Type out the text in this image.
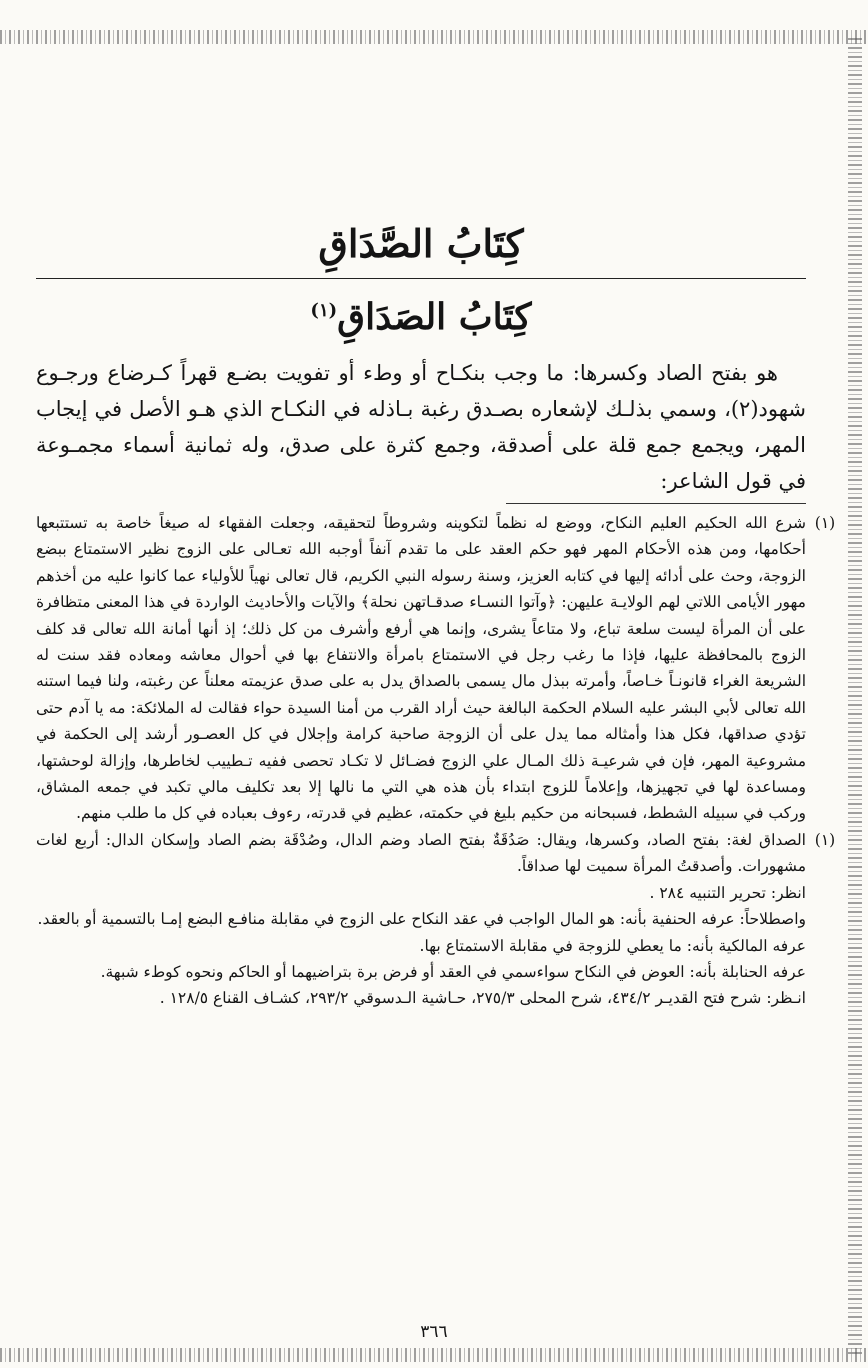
كِتَابُ الصَّدَاقِ
كِتَابُ الصَدَاقِ$^{(١)}$

هو بفتح الصاد وكسرها: ما وجب بنكـاح أو وطء أو تفويت بضـع قهراً كـرضاع ورجـوع شهود(٢)، وسمي بذلـك لإشعاره بصـدق رغبة بـاذله في النكـاح الذي هـو الأصل في إيجاب المهر، ويجمع جمع قلة على أصدقة، وجمع كثرة على صدق، وله ثمانية أسماء مجمـوعة في قول الشاعر:

(١)

شرع الله الحكيم العليم النكاح، ووضع له نظماً لتكوينه وشروطاً لتحقيقه، وجعلت الفقهاء له صيغاً خاصة به تستتبعها أحكامها، ومن هذه الأحكام المهر فهو حكم العقد على ما تقدم آنفاً أوجبه الله تعـالى على الزوج نظير الاستمتاع ببضع الزوجة، وحث على أدائه إليها في كتابه العزيز، وسنة رسوله النبي الكريم، قال تعالى نهياً للأولياء عما كانوا عليه من أخذهم مهور الأيامى اللاتي لهم الولايـة عليهن: ﴿وآتوا النسـاء صدقـاتهن نحلة﴾ والآيات والأحاديث الواردة في هذا المعنى متظافرة على أن المرأة ليست سلعة تباع، ولا متاعاً يشرى، وإنما هي أرفع وأشرف من كل ذلك؛ إذ أنها أمانة الله تعالى قد كلف الزوج بالمحافظة عليها، فإذا ما رغب رجل في الاستمتاع بامرأة والانتفاع بها في أحوال معاشه ومعاده فقد سنت له الشريعة الغراء قانونـاً خـاصاً، وأمرته ببذل مال يسمى بالصداق يدل به على صدق عزيمته معلناً عن رغبته، ولنا فيما استنه الله تعالى لأبي البشر عليه السلام الحكمة البالغة حيث أراد القرب من أمنا السيدة حواء فقالت له الملائكة: مه يا آدم حتى تؤدي صداقها، فكل هذا وأمثاله مما يدل على أن الزوجة صاحبة كرامة وإجلال في كل العصـور أرشد إلى الحكمة في مشروعية المهر، فإن في شرعيـة ذلك المـال علي الزوج فضـائل لا تكـاد تحصى ففيه تـطييب لخاطرها، وإزالة لوحشتها، ومساعدة لها في تجهيزها، وإعلاماً للزوج ابتداء بأن هذه هي التي ما نالها إلا بعد تكليف مالي تكبد في جمعه المشاق، وركب في سبيله الشطط، فسبحانه من حكيم بليغ في حكمته، عظيم في قدرته، رءوف بعباده في كل ما طلب منهم.

(١)

الصداق لغة: بفتح الصاد، وكسرها، ويقال: صَدُقَةٌ بفتح الصاد وضم الدال، وصُدْقَة بضم الصاد وإسكان الدال: أربع لغات مشهورات. وأصدقتُ المرأة سميت لها صداقاً.

انظر: تحرير التنبيه ٢٨٤ .

واصطلاحاً: عرفه الحنفية بأنه: هو المال الواجب في عقد النكاح على الزوج في مقابلة منافـع البضع إمـا بالتسمية أو بالعقد.

عرفه المالكية بأنه: ما يعطي للزوجة في مقابلة الاستمتاع بها.

عرفه الحنابلة بأنه: العوض في النكاح سواءسمي في العقد أو فرض برة بتراضيهما أو الحاكم ونحوه كوطء شبهة.

انـظر: شرح فتح القديـر ٤٣٤/٢، شرح المحلى ٢٧٥/٣، حـاشية الـدسوقي ٢٩٣/٢، كشـاف القناع ١٢٨/٥ .

٣٦٦
